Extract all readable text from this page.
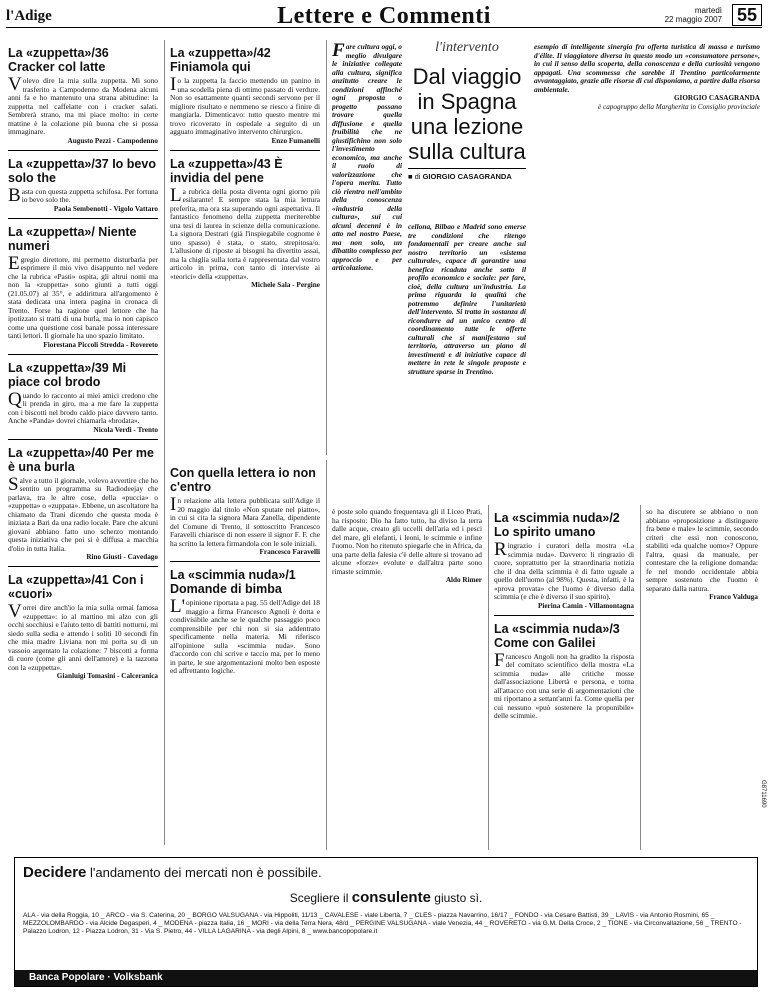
l'Adige	Lettere e Commenti	martedì
22 maggio 2007 55
La «zuppetta»/36 Cracker col latte

Volevo dire la mia sulla zuppetta. Mi sono trasferito a Campodenno da Modena alcuni anni fa e ho mantenuto una strana abitudine: la zuppetta nel caffelatte con i cracker salati. Sembrerà strano, ma mi piace molto: in certe mattine è la colazione più buona che si possa immaginare.

Augusto Pezzi - Campodenno
La «zuppetta»/37 Io bevo solo the

Basta con questa zuppetta schifosa. Per fortuna io bevo solo the.

Paola Sembenotti - Vigolo Vattaro
La «zuppetta»/ Niente numeri

Egregio direttore, mi permetto disturbarla per esprimere il mio vivo disappunto nel vedere che la rubrica «Pasti» ospita, gli altrui nomi ma non la «zuppetta» sono giunti a tutti oggi (21.05.07) al 35°, e addirittura all'argomento è stata dedicata una intera pagina in cronaca di Trento. Forse ha ragione quel lettore che ha ipotizzato si tratti di una burla, ma io non capisco come una questione così banale possa interessare tanti lettori. Il giornale ha uno spazio limitato.

Fiorestana Piccoli Stredda - Rovereto
La «zuppetta»/39 Mi piace col brodo

Quando lo racconto ai miei amici credono che li prenda in giro, ma a me fare la zuppetta con i biscotti nel brodo caldo piace davvero tanto. Anche «Panda» dovrei chiamarla «brodata».

Nicola Verdi - Trento
La «zuppetta»/40 Per me è una burla

Salve a tutto il giornale, volevo avvertire che ho sentito un programma su Radiodeejay che parlava, tra le altre cose, della «puccia» o «zuppetta» o «zuppata». Ebbene, un ascoltatore ha chiamato da Trani dicendo che questa moda è iniziata a Bari da una radio locale. Pare che alcuni giovani abbiano fatto uno scherzo montando questa iniziativa che poi si è diffusa a macchia d'olio in tutta Italia.

Rino Giusti - Cavedago
La «zuppetta»/41 Con i «cuori»

Vorrei dire anch'io la mia sulla ormai famosa «zuppetta»: io al mattino mi alzo con gli occhi socchiusi e l'aiuto tetto di battiti notturni, mi siedo sulla sedia e attendo i soliti 10 secondi fin che mia madre Liviana non mi porta su di un vassoio argentato la colazione: 7 biscotti a forma di cuore (come gli anni dell'amore) e la tazzona con la «zuppetta».

Gianluigi Tomasini - Calceranica
La «zuppetta»/42 Finiamola qui

Io la zuppetta la faccio mettendo un panino in una scodella piena di ottimo passato di verdure. Non so esattamente quanti secondi servono per il migliore risultato e nemmeno se riesco a finire di mangiarla. Dimenticavo: tutto questo mentre mi trovo ricoverato in ospedale a seguito di un agguato immaginativo intervento chirurgico.

Enzo Fumanelli
La «zuppetta»/43 È invidia del pene

La rubrica della posta diventa ogni giorno più esilarante! E sempre stata la mia lettura preferita, ma ora sta superando ogni aspettativa. Il fantastico fenomeno della zuppetta meriterebbe una tesi di laurea in scienze della comunicazione. La signora Destrari (già l'inspiegabile cognome è uno spasso) è stata, o stato, strepitosa/o. L'allusione di riposte ai bisogni ha divertito assai, ma la chiglia sulla torta è rappresentata dal vostro articolo in prima, con tanto di interviste ai «teorici» della «zuppetta».

Michele Sala - Pergine

Fare cultura oggi, o meglio divulgare le iniziative collegate alla cultura, significa anzitutto creare le condizioni affinché ogni proposta o progetto possano trovare quella diffusione e quella fruibilità che ne giustifichino non solo l'investimento economico, ma anche il ruolo di valorizzazione che l'opera merita. Tutto ciò rientra nell'ambito della conoscenza «industria della cultura», sui cui alcuni decenni è in atto nel nostro Paese, ma non solo, un dibattito complesso per approccio e per articolazione.

l'intervento
Dal viaggio in Spagna una lezione sulla cultura
■ di GIORGIO CASAGRANDA

cellona, Bilbao e Madrid sono emerse tre condizioni che ritengo fondamentali per creare anche sul nostro territorio un «sistema culturale», capace di garantire una benefica ricaduta anche sotto il profilo economico e sociale: per fare, cioè, della cultura un'industria. La prima riguarda la qualità che potremmo definire l'unitarietà dell'intervento. Si tratta in sostanza di ricondurre ad un unico centro di coordinamento tutte le offerte culturali che si manifestano sul territorio, attraverso un piano di investimenti e di iniziative capace di mettere in rete le singole proposte e strutture sparse in Trentino.

esempio di intelligente sinergia fra offerta turistica di massa e turismo d'élite. Il viaggiatore diversa in questo modo un «consumatore persone», in cui il senso della scoperta, della conoscenza e della curiosità vengono appagati. Una scommessa che sarebbe il Trentino particolarmente avvantaggiato, grazie alle risorse di cui disponiamo, a partire dalla risorsa ambientale.

GIORGIO CASAGRANDA
è capogruppo della Margherita in Consiglio provinciale
Con quella lettera io non c'entro

In relazione alla lettera pubblicata sull'Adige il 20 maggio dal titolo «Non sputate nel piatto», in cui si cita la signora Mara Zanella, dipendente del Comune di Trento, il sottoscritto Francesco Faravelli chiarisce di non essere il signor F. F. che ha scritto la lettera firmandola con le sole iniziali.

Francesco Faravelli
La «scimmia nuda»/1 Domande di bimba

L'opinione riportata a pag. 55 dell'Adige del 18 maggio a firma Francesco Agnoli è dotta e condivisibile anche se le qualche passaggio poco comprensibile per chi non si sia addentrato specificamente nella materia. Mi riferisco all'opinione sulla «scimmia nuda». Sono d'accordo con chi scrive e taccio ma, per lo meno in parte, le sue argomentazioni molto ben esposte ed affrettanto logiche.

è poste solo quando frequentava gli il Liceo Prati, ha risposto: Dio ha fatto tutto, ha diviso la terra dalle acque, creato gli uccelli dell'aria ed i pesci del mare, gli elefanti, i leoni, le scimmie e infine l'uomo. Non ho ritenuto spiegarle che in Africa, da una parte della falesia c'è delle alture si trovano ad alcune «forze» evolute e dall'altra parte sono rimaste scimmie.

Aldo Rimer
La «scimmia nuda»/2 Lo spirito umano

Ringrazio i curatori della mostra «La scimmia nuda». Davvero: li ringrazio di cuore, soprattutto per la straordinaria notizia che il dna della scimmia è di fatto uguale a quello dell'uomo (al 98%). Questa, infatti, è la «prova provata» che l'uomo è diverso dalla scimmia (e che è diverso il suo spirito).

Pierina Camin - Villamontagna
La «scimmia nuda»/3 Come con Galilei

Francesco Angoli non ha gradito la risposta del comitato scientifico della mostra «La scimmia nuda» alle critiche mosse dall'associazione Libertà e persona, e torna all'attacco con una serie di argomentazioni che mi riportano a settant'anni fa. Come quella per cui nessuno «può sostenere la proponibile» delle scimmie.

so ha discutere se abbiano o non abbiano «proposizione a distinguere fra bene e male» le scimmie, secondo criteri che essi non conoscono, stabiliti «da qualche uomo»? Oppure l'altra, quasi da manuale, per contestare che la religione domanda: fe nel mondo occidentale abbia sempre sostenuto che l'uomo è separato dalla natura.

Franco Valduga
G8711690
Decidere l'andamento dei mercati non è possibile.
Scegliere il consulente giusto sì.
ALA - via della Roggia, 10 _ ARCO - via S. Caterina, 20 _ BORGO VALSUGANA - via Hippoliti, 11/13 _ CAVALESE - viale Libertà, 7 _ CLES - piazza Navarrino, 16/17 _ FONDO - via Cesare Battisti, 39 _ LAVIS - via Antonio Rosmini, 65 _ MEZZOLOMBARDO - via Alcide Degasperi, 4 _ MODENA - piazza Italia, 16 _ MORI - via della Terra Nera, 48/d _ PERGINE VALSUGANA - viale Venezia, 44 _ ROVERETO - via G.M. Della Croce, 2 _ TIONE - via Circonvallazione, 56 _ TRENTO - Palazzo Lodron, 12 - Piazza Lodron, 31 - Via S. Pietro, 44 - VILLA LAGARINA - via degli Alpini, 8 _ www.bancopopolare.it
Banca Popolare · Volksbank
